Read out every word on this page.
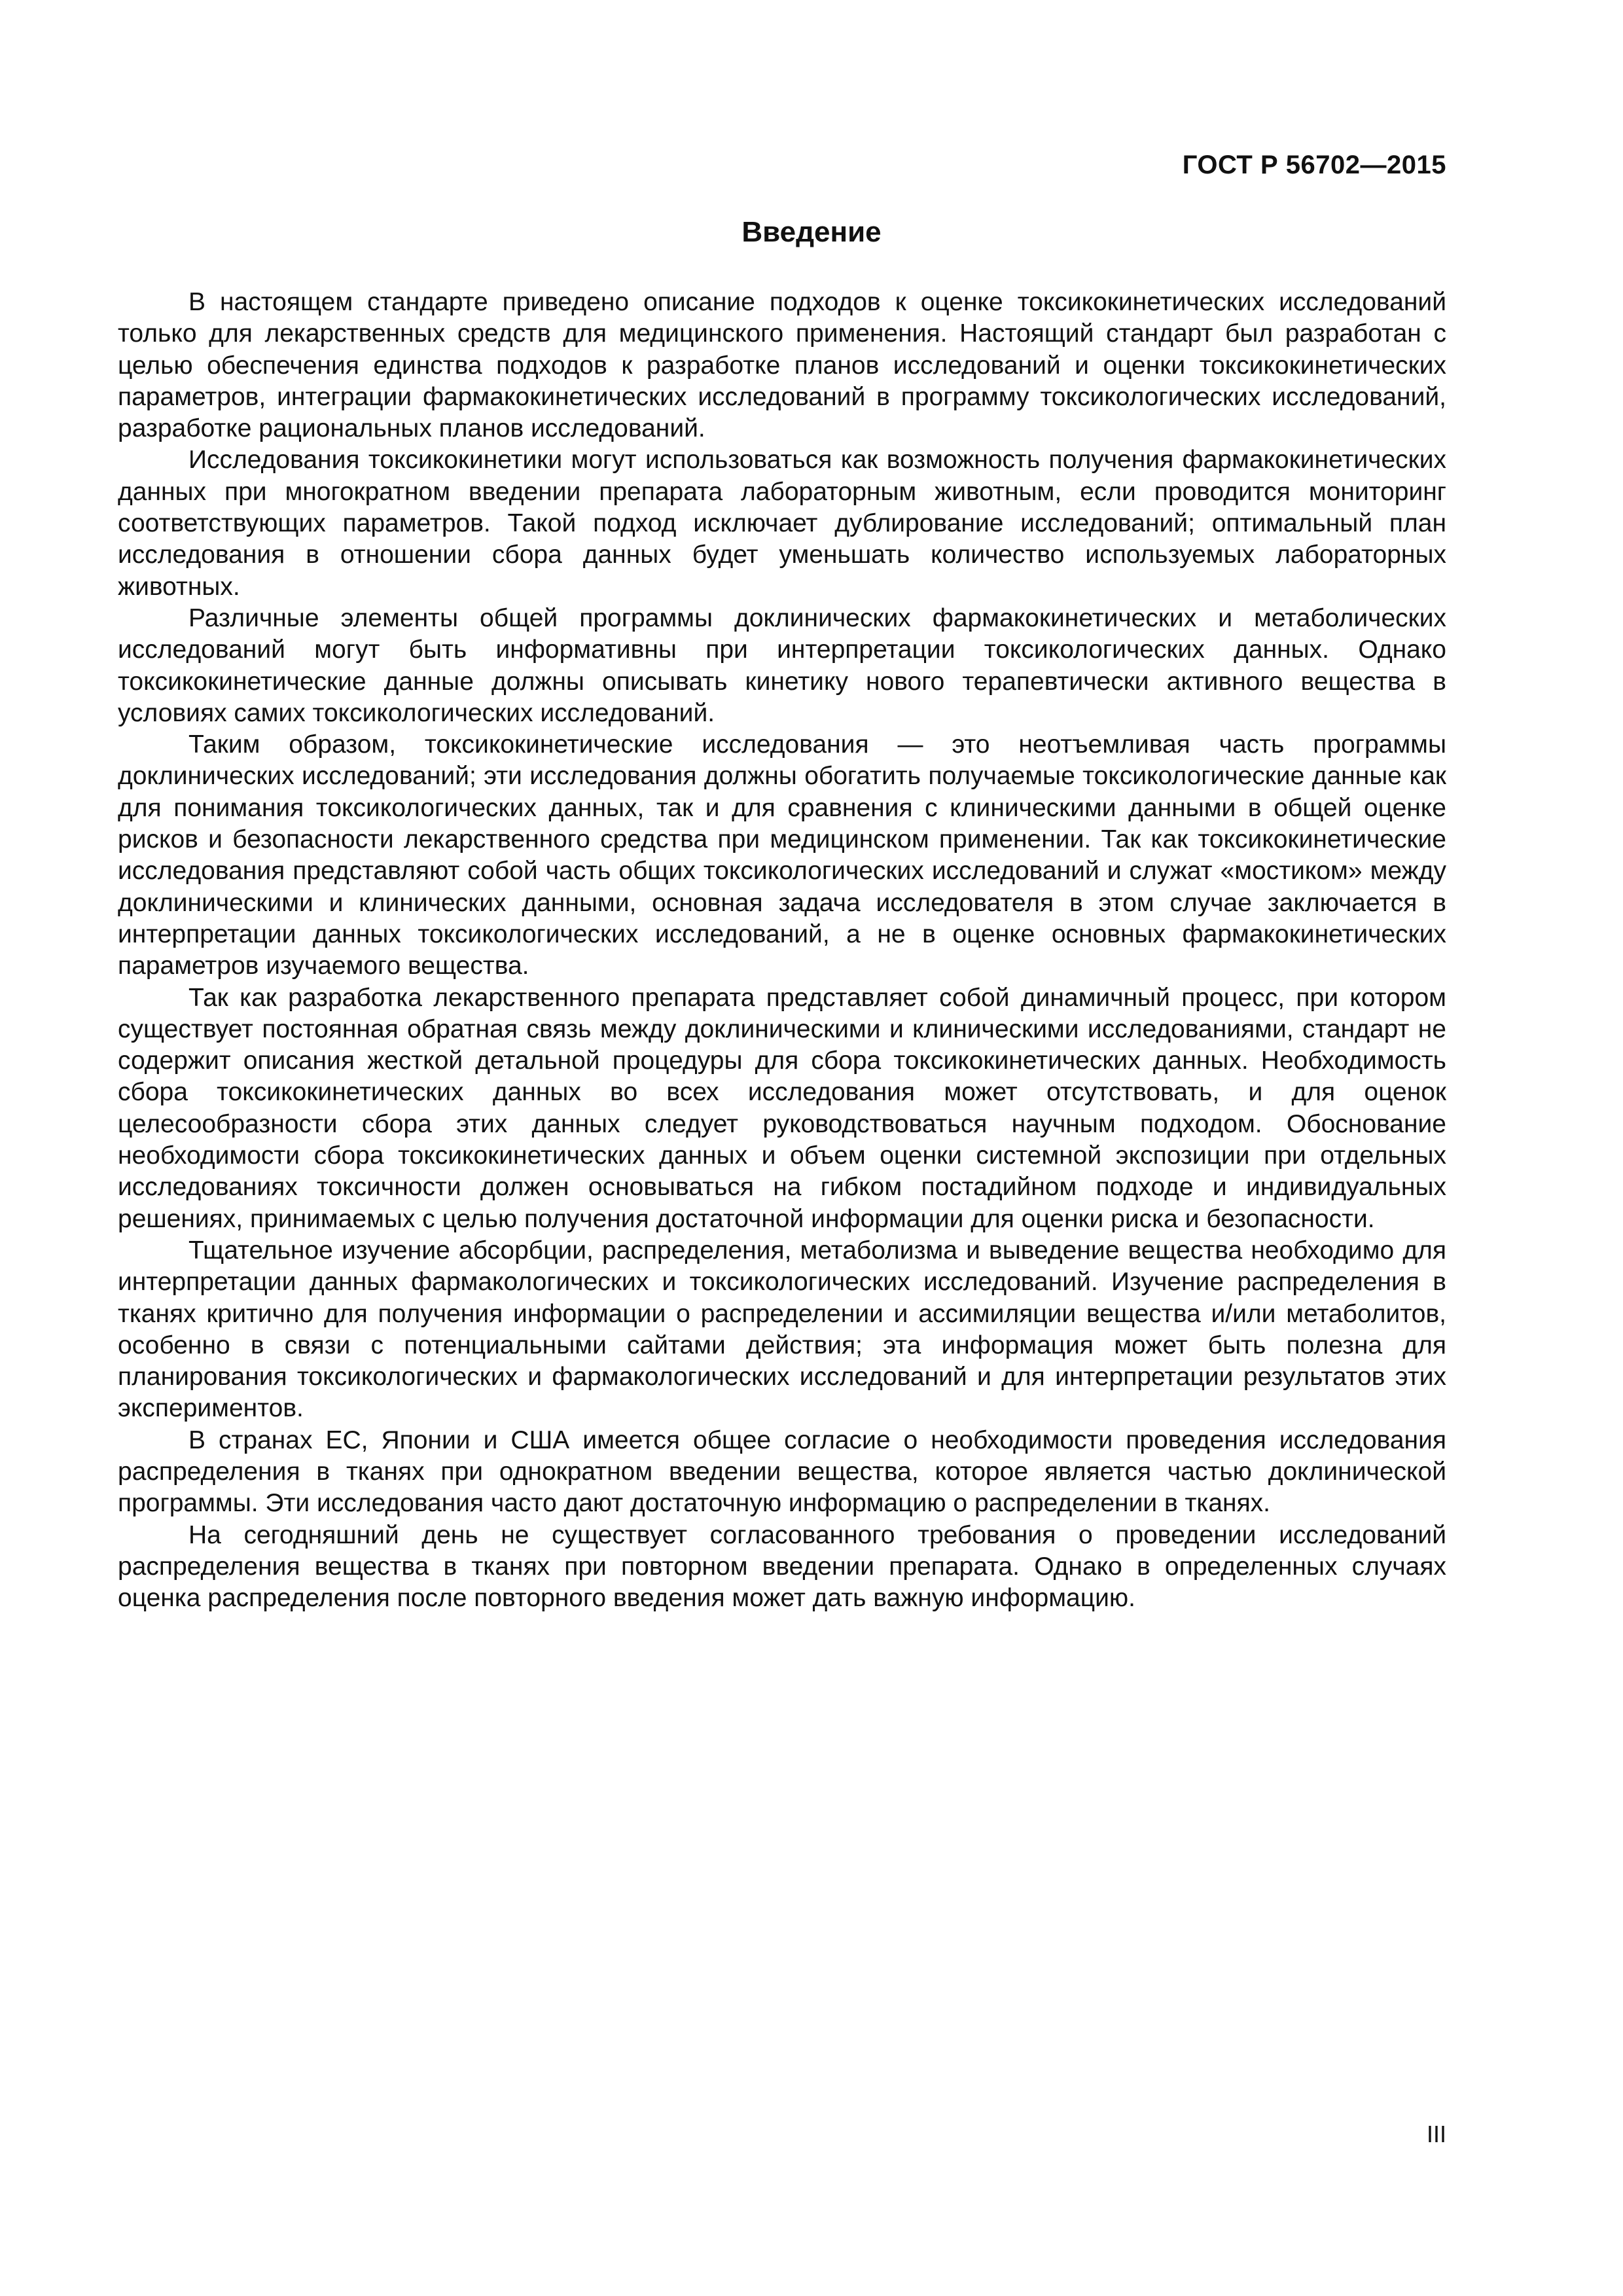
ГОСТ Р 56702—2015
Введение

В настоящем стандарте приведено описание подходов к оценке токсикокинетических исследований только для лекарственных средств для медицинского применения. Настоящий стандарт был разработан с целью обеспечения единства подходов к разработке планов исследований и оценки токсикокинетических параметров, интеграции фармакокинетических исследований в программу токсикологических исследований, разработке рациональных планов исследований.

Исследования токсикокинетики могут использоваться как возможность получения фармакокинетических данных при многократном введении препарата лабораторным животным, если проводится мониторинг соответствующих параметров. Такой подход исключает дублирование исследований; оптимальный план исследования в отношении сбора данных будет уменьшать количество используемых лабораторных животных.

Различные элементы общей программы доклинических фармакокинетических и метаболических исследований могут быть информативны при интерпретации токсикологических данных. Однако токсикокинетические данные должны описывать кинетику нового терапевтически активного вещества в условиях самих токсикологических исследований.

Таким образом, токсикокинетические исследования — это неотъемливая часть программы доклинических исследований; эти исследования должны обогатить получаемые токсикологические данные как для понимания токсикологических данных, так и для сравнения с клиническими данными в общей оценке рисков и безопасности лекарственного средства при медицинском применении. Так как токсикокинетические исследования представляют собой часть общих токсикологических исследований и служат «мостиком» между доклиническими и клинических данными, основная задача исследователя в этом случае заключается в интерпретации данных токсикологических исследований, а не в оценке основных фармакокинетических параметров изучаемого вещества.

Так как разработка лекарственного препарата представляет собой динамичный процесс, при котором существует постоянная обратная связь между доклиническими и клиническими исследованиями, стандарт не содержит описания жесткой детальной процедуры для сбора токсикокинетических данных. Необходимость сбора токсикокинетических данных во всех исследования может отсутствовать, и для оценок целесообразности сбора этих данных следует руководствоваться научным подходом. Обоснование необходимости сбора токсикокинетических данных и объем оценки системной экспозиции при отдельных исследованиях токсичности должен основываться на гибком постадийном подходе и индивидуальных решениях, принимаемых с целью получения достаточной информации для оценки риска и безопасности.

Тщательное изучение абсорбции, распределения, метаболизма и выведение вещества необходимо для интерпретации данных фармакологических и токсикологических исследований. Изучение распределения в тканях критично для получения информации о распределении и ассимиляции вещества и/или метаболитов, особенно в связи с потенциальными сайтами действия; эта информация может быть полезна для планирования токсикологических и фармакологических исследований и для интерпретации результатов этих экспериментов.

В странах ЕС, Японии и США имеется общее согласие о необходимости проведения исследования распределения в тканях при однократном введении вещества, которое является частью доклинической программы. Эти исследования часто дают достаточную информацию о распределении в тканях.

На сегодняшний день не существует согласованного требования о проведении исследований распределения вещества в тканях при повторном введении препарата. Однако в определенных случаях оценка распределения после повторного введения может дать важную информацию.

III
